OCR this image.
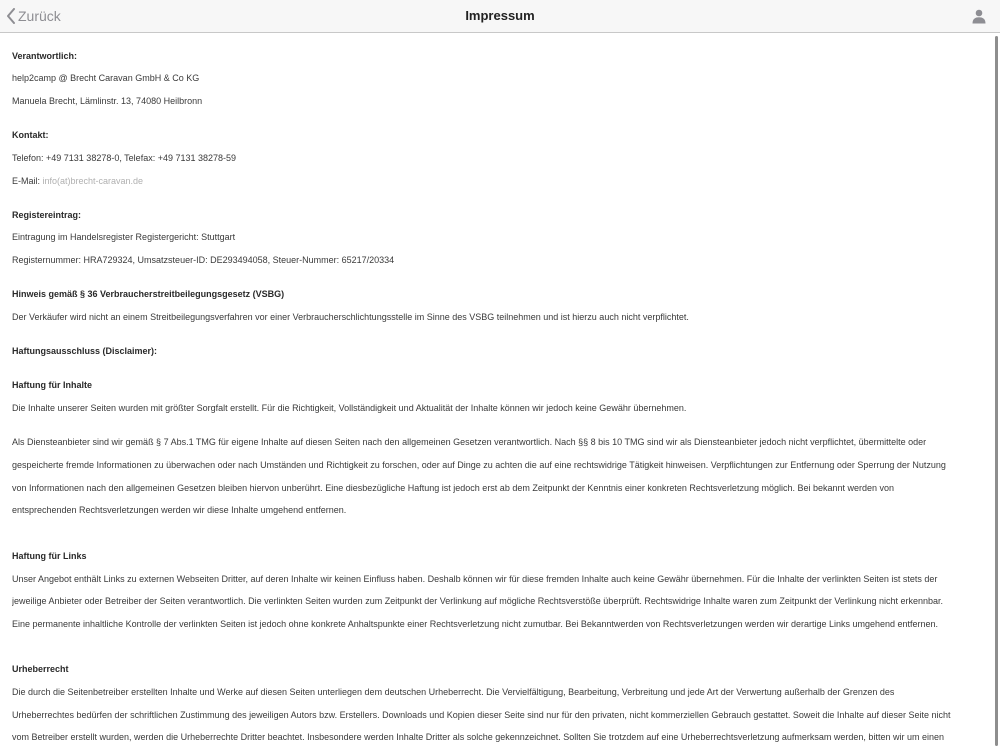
Zurück	Impressum

Verantwortlich:

help2camp @ Brecht Caravan GmbH & Co KG

Manuela Brecht, Lämlinstr. 13, 74080 Heilbronn

Kontakt:

Telefon: +49 7131 38278-0, Telefax: +49 7131 38278-59

E-Mail: info(at)brecht-caravan.de

Registereintrag:

Eintragung im Handelsregister Registergericht: Stuttgart

Registernummer: HRA729324, Umsatzsteuer-ID: DE293494058, Steuer-Nummer: 65217/20334

Hinweis gemäß § 36 Verbraucherstreitbeilegungsgesetz (VSBG)

Der Verkäufer wird nicht an einem Streitbeilegungsverfahren vor einer Verbraucherschlichtungsstelle im Sinne des VSBG teilnehmen und ist hierzu auch nicht verpflichtet.

Haftungsausschluss (Disclaimer):

Haftung für Inhalte

Die Inhalte unserer Seiten wurden mit größter Sorgfalt erstellt. Für die Richtigkeit, Vollständigkeit und Aktualität der Inhalte können wir jedoch keine Gewähr übernehmen.

Als Diensteanbieter sind wir gemäß § 7 Abs.1 TMG für eigene Inhalte auf diesen Seiten nach den allgemeinen Gesetzen verantwortlich. Nach §§ 8 bis 10 TMG sind wir als Diensteanbieter jedoch nicht verpflichtet, übermittelte oder

gespeicherte fremde Informationen zu überwachen oder nach Umständen und Richtigkeit zu forschen, oder auf Dinge zu achten die auf eine rechtswidrige Tätigkeit hinweisen. Verpflichtungen zur Entfernung oder Sperrung der Nutzung

von Informationen nach den allgemeinen Gesetzen bleiben hiervon unberührt. Eine diesbezügliche Haftung ist jedoch erst ab dem Zeitpunkt der Kenntnis einer konkreten Rechtsverletzung möglich. Bei bekannt werden von

entsprechenden Rechtsverletzungen werden wir diese Inhalte umgehend entfernen.

Haftung für Links

Unser Angebot enthält Links zu externen Webseiten Dritter, auf deren Inhalte wir keinen Einfluss haben. Deshalb können wir für diese fremden Inhalte auch keine Gewähr übernehmen. Für die Inhalte der verlinkten Seiten ist stets der

jeweilige Anbieter oder Betreiber der Seiten verantwortlich. Die verlinkten Seiten wurden zum Zeitpunkt der Verlinkung auf mögliche Rechtsverstöße überprüft. Rechtswidrige Inhalte waren zum Zeitpunkt der Verlinkung nicht erkennbar.

Eine permanente inhaltliche Kontrolle der verlinkten Seiten ist jedoch ohne konkrete Anhaltspunkte einer Rechtsverletzung nicht zumutbar. Bei Bekanntwerden von Rechtsverletzungen werden wir derartige Links umgehend entfernen.

Urheberrecht

Die durch die Seitenbetreiber erstellten Inhalte und Werke auf diesen Seiten unterliegen dem deutschen Urheberrecht. Die Vervielfältigung, Bearbeitung, Verbreitung und jede Art der Verwertung außerhalb der Grenzen des

Urheberrechtes bedürfen der schriftlichen Zustimmung des jeweiligen Autors bzw. Erstellers. Downloads und Kopien dieser Seite sind nur für den privaten, nicht kommerziellen Gebrauch gestattet. Soweit die Inhalte auf dieser Seite nicht

vom Betreiber erstellt wurden, werden die Urheberrechte Dritter beachtet. Insbesondere werden Inhalte Dritter als solche gekennzeichnet. Sollten Sie trotzdem auf eine Urheberrechtsverletzung aufmerksam werden, bitten wir um einen
